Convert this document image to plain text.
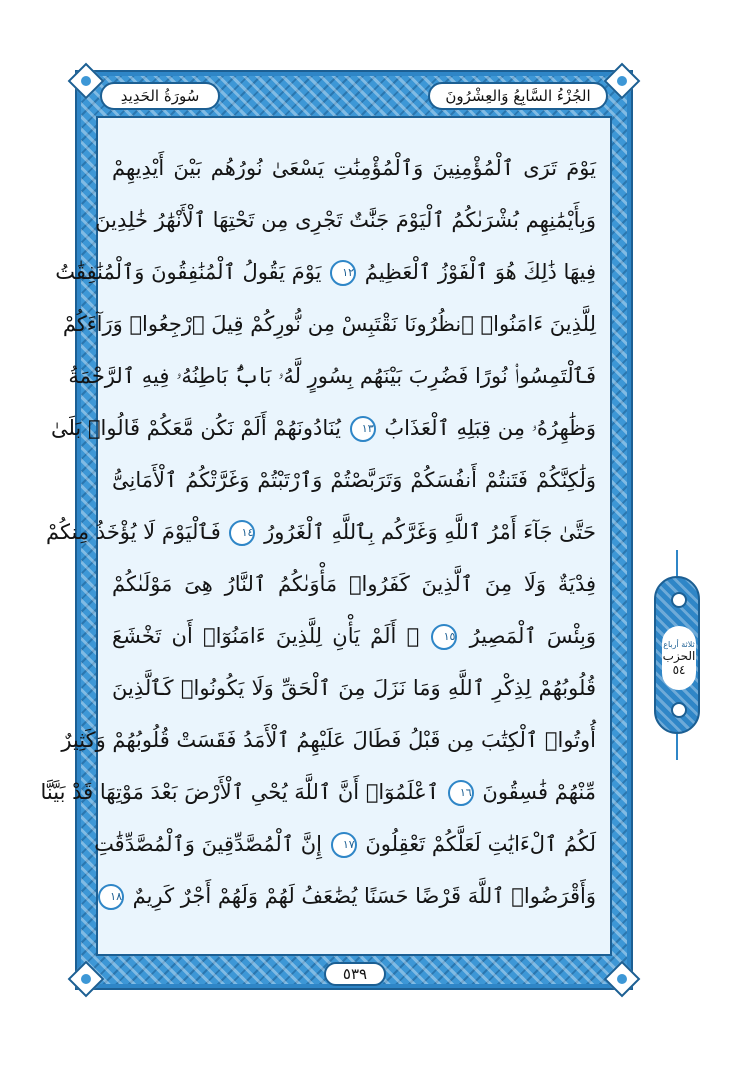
الجُزْءُ السَّابِعُ وَالعِشْرُونَ
سُورَةُ الحَدِيدِ
يَوْمَ تَرَى ٱلْمُؤْمِنِينَ وَٱلْمُؤْمِنَٰتِ يَسْعَىٰ نُورُهُم بَيْنَ أَيْدِيهِمْ
وَبِأَيْمَٰنِهِم بُشْرَىٰكُمُ ٱلْيَوْمَ جَنَّٰتٌ تَجْرِى مِن تَحْتِهَا ٱلْأَنْهَٰرُ خَٰلِدِينَ
فِيهَا ذَٰلِكَ هُوَ ٱلْفَوْزُ ٱلْعَظِيمُ ١٢ يَوْمَ يَقُولُ ٱلْمُنَٰفِقُونَ وَٱلْمُنَٰفِقَٰتُ
لِلَّذِينَ ءَامَنُوا۟ ٱنظُرُونَا نَقْتَبِسْ مِن نُّورِكُمْ قِيلَ ٱرْجِعُوا۟ وَرَآءَكُمْ
فَٱلْتَمِسُوا۟ نُورًا فَضُرِبَ بَيْنَهُم بِسُورٍ لَّهُۥ بَابٌۢ بَاطِنُهُۥ فِيهِ ٱلرَّحْمَةُ
وَظَٰهِرُهُۥ مِن قِبَلِهِ ٱلْعَذَابُ ١٣ يُنَادُونَهُمْ أَلَمْ نَكُن مَّعَكُمْ قَالُوا۟ بَلَىٰ
وَلَٰكِنَّكُمْ فَتَنتُمْ أَنفُسَكُمْ وَتَرَبَّصْتُمْ وَٱرْتَبْتُمْ وَغَرَّتْكُمُ ٱلْأَمَانِىُّ
حَتَّىٰ جَآءَ أَمْرُ ٱللَّهِ وَغَرَّكُم بِٱللَّهِ ٱلْغَرُورُ ١٤ فَٱلْيَوْمَ لَا يُؤْخَذُ مِنكُمْ
فِدْيَةٌ وَلَا مِنَ ٱلَّذِينَ كَفَرُوا۟ مَأْوَىٰكُمُ ٱلنَّارُ هِىَ مَوْلَىٰكُمْ
وَبِئْسَ ٱلْمَصِيرُ ١٥ ۞ أَلَمْ يَأْنِ لِلَّذِينَ ءَامَنُوٓا۟ أَن تَخْشَعَ
قُلُوبُهُمْ لِذِكْرِ ٱللَّهِ وَمَا نَزَلَ مِنَ ٱلْحَقِّ وَلَا يَكُونُوا۟ كَٱلَّذِينَ
أُوتُوا۟ ٱلْكِتَٰبَ مِن قَبْلُ فَطَالَ عَلَيْهِمُ ٱلْأَمَدُ فَقَسَتْ قُلُوبُهُمْ وَكَثِيرٌ
مِّنْهُمْ فَٰسِقُونَ ١٦ ٱعْلَمُوٓا۟ أَنَّ ٱللَّهَ يُحْىِ ٱلْأَرْضَ بَعْدَ مَوْتِهَا قَدْ بَيَّنَّا
لَكُمُ ٱلْءَايَٰتِ لَعَلَّكُمْ تَعْقِلُونَ ١٧ إِنَّ ٱلْمُصَّدِّقِينَ وَٱلْمُصَّدِّقَٰتِ
وَأَقْرَضُوا۟ ٱللَّهَ قَرْضًا حَسَنًا يُضَٰعَفُ لَهُمْ وَلَهُمْ أَجْرٌ كَرِيمٌ ١٨
٥٣٩
ثلاثة أرباع
الحزب
٥٤
